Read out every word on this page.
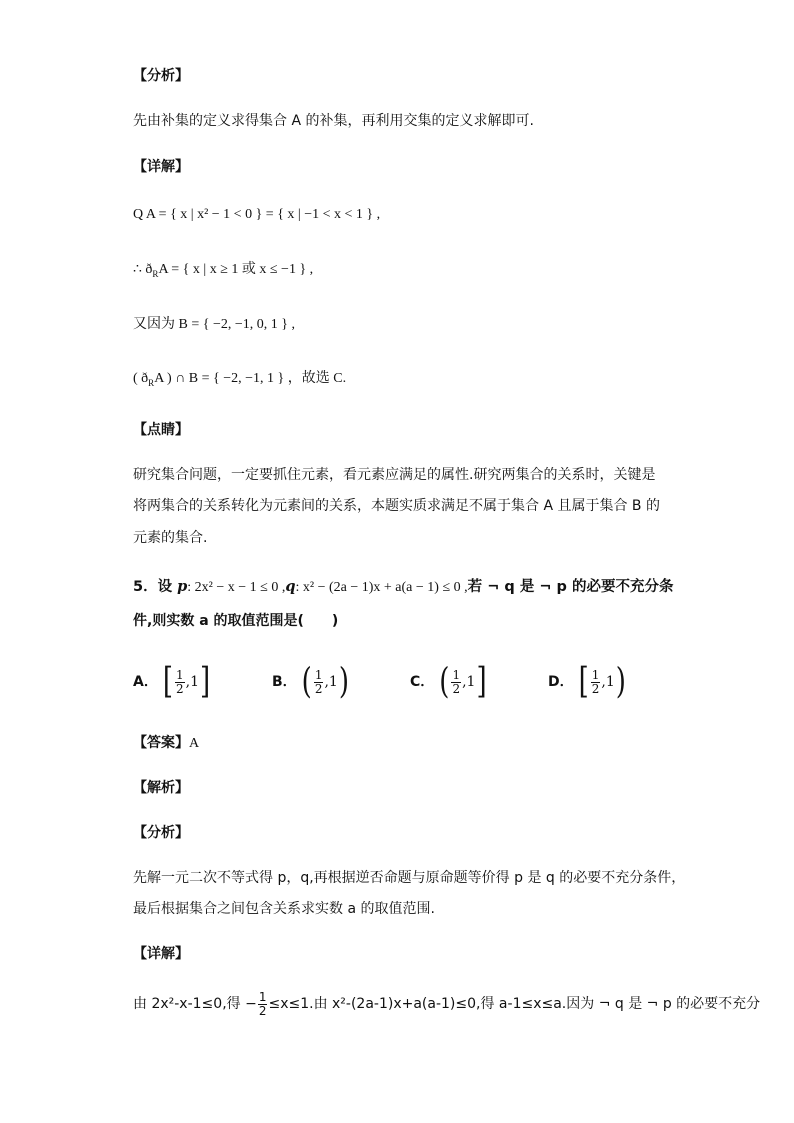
【分析】
先由补集的定义求得集合 A 的补集，再利用交集的定义求解即可.
【详解】
Q A = { x | x² − 1 < 0 } = { x | −1 < x < 1 } ,
∴ $ð_RA$ = { x | x ≥ 1 或 x ≤ −1 } ,
又因为 B = { −2, −1, 0, 1 } ,
( $ð_RA$ ) ∩ B = { −2, −1, 1 } ，故选 C.
【点睛】
研究集合问题，一定要抓住元素，看元素应满足的属性.研究两集合的关系时，关键是
将两集合的关系转化为元素间的关系，本题实质求满足不属于集合 A 且属于集合 B 的
元素的集合.
5．设 p: 2x² − x − 1 ≤ 0 ,q: x² − (2a − 1)x + a(a − 1) ≤ 0 ,若 ¬ q 是 ¬ p 的必要不充分条
件,则实数 a 的取值范围是(　　)
A． [ $\frac{1}{2} ,1$]	B． ( $\frac{1}{2} ,1$)	C． ( $\frac{1}{2} ,1$]	D． [ $\frac{1}{2} ,1$)
【答案】A
【解析】
【分析】
先解一元二次不等式得 p，q,再根据逆否命题与原命题等价得 p 是 q 的必要不充分条件，
最后根据集合之间包含关系求实数 a 的取值范围.
【详解】
由 2x²-x-1≤0,得 − $\frac{1}{2} \le x\le 1$.由 x²-(2a-1)x+a(a-1)≤0,得 a-1≤x≤a.因为 ¬ q 是 ¬ p 的必要不充分
